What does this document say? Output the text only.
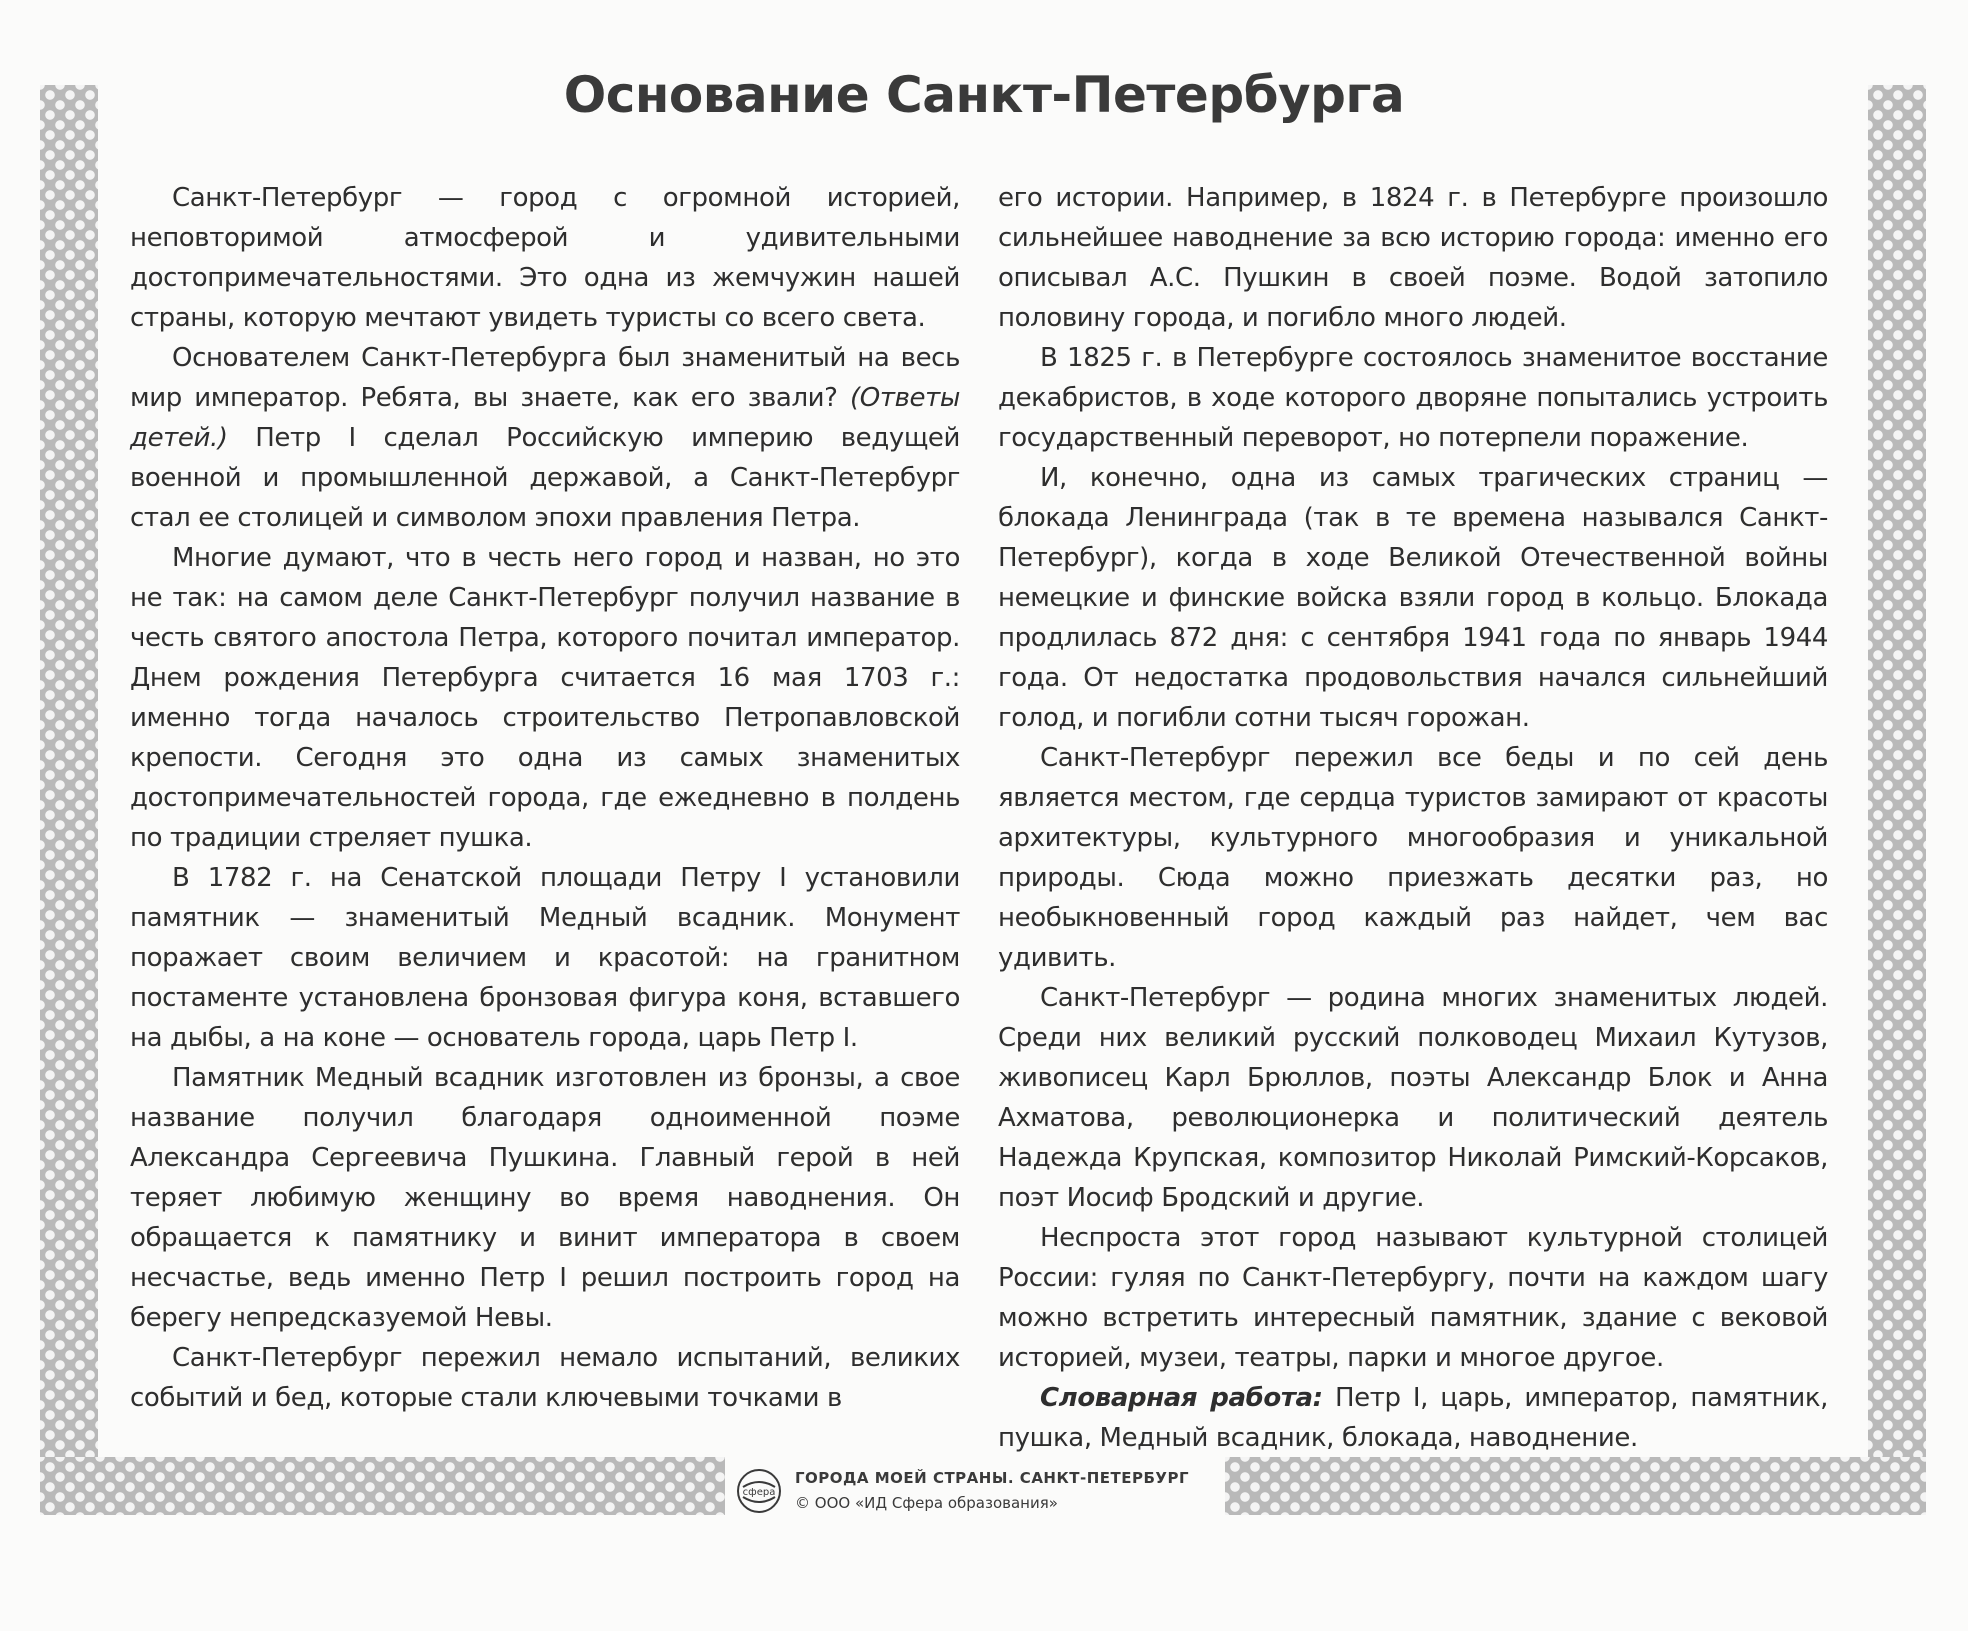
Основание Санкт-Петербурга

Санкт-Петербург — город с огромной историей, неповторимой атмосферой и удивительными достопримечательностями. Это одна из жемчужин нашей страны, которую мечтают увидеть туристы со всего света.

Основателем Санкт-Петербурга был знаменитый на весь мир император. Ребята, вы знаете, как его звали? (Ответы детей.) Петр I сделал Российскую империю ведущей военной и промышленной державой, а Санкт-Петербург стал ее столицей и символом эпохи правления Петра.

Многие думают, что в честь него город и назван, но это не так: на самом деле Санкт-Петербург получил название в честь святого апостола Петра, которого почитал император. Днем рождения Петербурга считается 16 мая 1703 г.: именно тогда началось строительство Петропавловской крепости. Сегодня это одна из самых знаменитых достопримечательностей города, где ежедневно в полдень по традиции стреляет пушка.

В 1782 г. на Сенатской площади Петру I установили памятник — знаменитый Медный всадник. Монумент поражает своим величием и красотой: на гранитном постаменте установлена бронзовая фигура коня, вставшего на дыбы, а на коне — основатель города, царь Петр I.

Памятник Медный всадник изготовлен из бронзы, а свое название получил благодаря одноименной поэме Александра Сергеевича Пушкина. Главный герой в ней теряет любимую женщину во время наводнения. Он обращается к памятнику и винит императора в своем несчастье, ведь именно Петр I решил построить город на берегу непредсказуемой Невы.

Санкт-Петербург пережил немало испытаний, великих событий и бед, которые стали ключевыми точками в

его истории. Например, в 1824 г. в Петербурге произошло сильнейшее наводнение за всю историю города: именно его описывал А.С. Пушкин в своей поэме. Водой затопило половину города, и погибло много людей.

В 1825 г. в Петербурге состоялось знаменитое восстание декабристов, в ходе которого дворяне попытались устроить государственный переворот, но потерпели поражение.

И, конечно, одна из самых трагических страниц — блокада Ленинграда (так в те времена назывался Санкт-Петербург), когда в ходе Великой Отечественной войны немецкие и финские войска взяли город в кольцо. Блокада продлилась 872 дня: с сентября 1941 года по январь 1944 года. От недостатка продовольствия начался сильнейший голод, и погибли сотни тысяч горожан.

Санкт-Петербург пережил все беды и по сей день является местом, где сердца туристов замирают от красоты архитектуры, культурного многообразия и уникальной природы. Сюда можно приезжать десятки раз, но необыкновенный город каждый раз найдет, чем вас удивить.

Санкт-Петербург — родина многих знаменитых людей. Среди них великий русский полководец Михаил Кутузов, живописец Карл Брюллов, поэты Александр Блок и Анна Ахматова, революционерка и политический деятель Надежда Крупская, композитор Николай Римский-Корсаков, поэт Иосиф Бродский и другие.

Неспроста этот город называют культурной столицей России: гуляя по Санкт-Петербургу, почти на каждом шагу можно встретить интересный памятник, здание с вековой историей, музеи, театры, парки и многое другое.

Словарная работа: Петр I, царь, император, памятник, пушка, Медный всадник, блокада, наводнение.

сфера
ГОРОДА МОЕЙ СТРАНЫ. САНКТ-ПЕТЕРБУРГ
© ООО «ИД Сфера образования»
